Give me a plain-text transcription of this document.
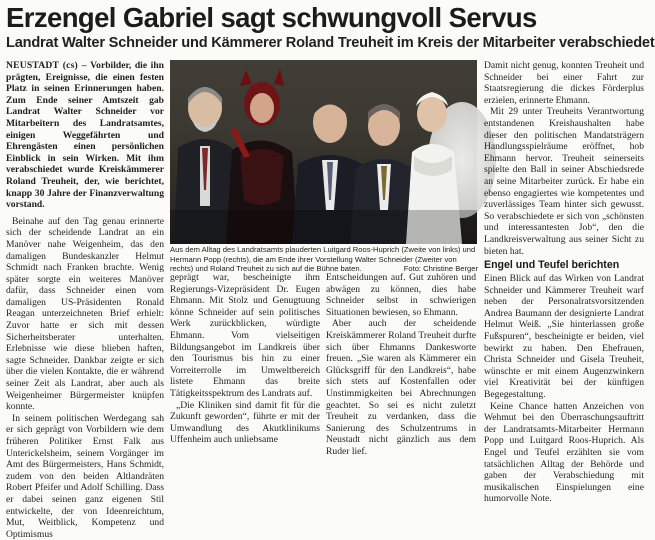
Erzengel Gabriel sagt schwungvoll Servus
Landrat Walter Schneider und Kämmerer Roland Treuheit im Kreis der Mitarbeiter verabschiedet

NEUSTADT (cs) – Vorbilder, die ihn prägten, Ereignisse, die einen festen Platz in seinen Erinnerungen haben. Zum Ende seiner Amtszeit gab Landrat Walter Schneider vor Mitarbeitern des Landratsamtes, einigen Weggefährten und Ehrengästen einen persönlichen Einblick in sein Wirken. Mit ihm verabschiedet wurde Kreiskämmerer Roland Treuheit, der, wie berichtet, knapp 30 Jahre der Finanzverwaltung vorstand.

Beinahe auf den Tag genau erinnerte sich der scheidende Landrat an ein Manöver nahe Weigenheim, das den damaligen Bundeskanzler Helmut Schmidt nach Franken brachte. Wenig später sorgte ein weiteres Manöver dafür, dass Schneider einen vom damaligen US-Präsidenten Ronald Reagan unterzeichneten Brief erhielt: Zuvor hatte er sich mit dessen Sicherheitsberater unterhalten. Erlebnisse wie diese blieben haften, sagte Schneider. Dankbar zeigte er sich über die vielen Kontakte, die er während seiner Zeit als Landrat, aber auch als Weigenheimer Bürgermeister knüpfen konnte.

In seinem politischen Werdegang sah er sich geprägt von Vorbildern wie dem früheren Politiker Ernst Falk aus Unterickelsheim, seinem Vorgänger im Amt des Bürgermeisters, Hans Schmidt, zudem von den beiden Altlandräten Robert Pfeifer und Adolf Schilling. Dass er dabei seinen ganz eigenen Stil entwickelte, der von Ideenreichtum, Mut, Weitblick, Kompetenz und Optimismus

Aus dem Alltag des Landratsamts plauderten Luitgard Roos-Huprich (Zweite von links) und Hermann Popp (rechts), die am Ende ihrer Vorstellung Walter Schneider (Zweiter von rechts) und Roland Treuheit zu sich auf die Bühne baten.	Foto: Christine Berger

geprägt war, bescheinigte ihm Regierungs-Vizepräsident Dr. Eugen Ehmann. Mit Stolz und Genugtuung könne Schneider auf sein politisches Werk zurückblicken, würdigte Ehmann. Vom vielseitigen Bildungsangebot im Landkreis über den Tourismus bis hin zu einer Vorreiterrolle im Umweltbereich listete Ehmann das breite Tätigkeitsspektrum des Landrats auf.

„Die Kliniken sind damit fit für die Zukunft geworden“, führte er mit der Umwandlung des Akutklinikums Uffenheim auch unliebsame

Entscheidungen auf. Gut zuhören und abwägen zu können, dies habe Schneider selbst in schwierigen Situationen bewiesen, so Ehmann.

Aber auch der scheidende Kreiskämmerer Roland Treuheit durfte sich über Ehmanns Dankesworte freuen. „Sie waren als Kämmerer ein Glücksgriff für den Landkreis“, habe sich stets auf Kostenfallen oder Unstimmigkeiten bei Abrechnungen geachtet. So sei es nicht zuletzt Treuheit zu verdanken, dass die Sanierung des Schulzentrums in Neustadt nicht gänzlich aus dem Ruder lief.

Damit nicht genug, konnten Treuheit und Schneider bei einer Fahrt zur Staatsregierung die dickes Förderplus erzielen, erinnerte Ehmann.

Mit 29 unter Treuheits Verantwortung entstandenen Kreishaushalten habe dieser den politischen Mandatsträgern Handlungsspielräume eröffnet, hob Ehmann hervor. Treuheit seinerseits spielte den Ball in seiner Abschiedsrede an seine Mitarbeiter zurück. Er habe ein ebenso engagiertes wie kompetentes und zuverlässiges Team hinter sich gewusst. So verabschiedete er sich von „schönsten und interessantesten Job“, den die Landkreisverwaltung aus seiner Sicht zu bieten hat.

Engel und Teufel berichten

Einen Blick auf das Wirken von Landrat Schneider und Kämmerer Treuheit warf neben der Personalratsvorsitzenden Andrea Baumann der designierte Landrat Helmut Weiß. „Sie hinterlassen große Fußspuren“, bescheinigte er beiden, viel bewirkt zu haben. Den Ehefrauen, Christa Schneider und Gisela Treuheit, wünschte er mit einem Augenzwinkern viel Kreativität bei der künftigen Begegestaltung.

Keine Chance hatten Anzeichen von Wehmut bei den Überraschungsauftritt der Landratsamts-Mitarbeiter Hermann Popp und Luitgard Roos-Huprich. Als Engel und Teufel erzählten sie vom tatsächlichen Alltag der Behörde und gaben der Verabschiedung mit musikalischen Einspielungen eine humorvolle Note.
